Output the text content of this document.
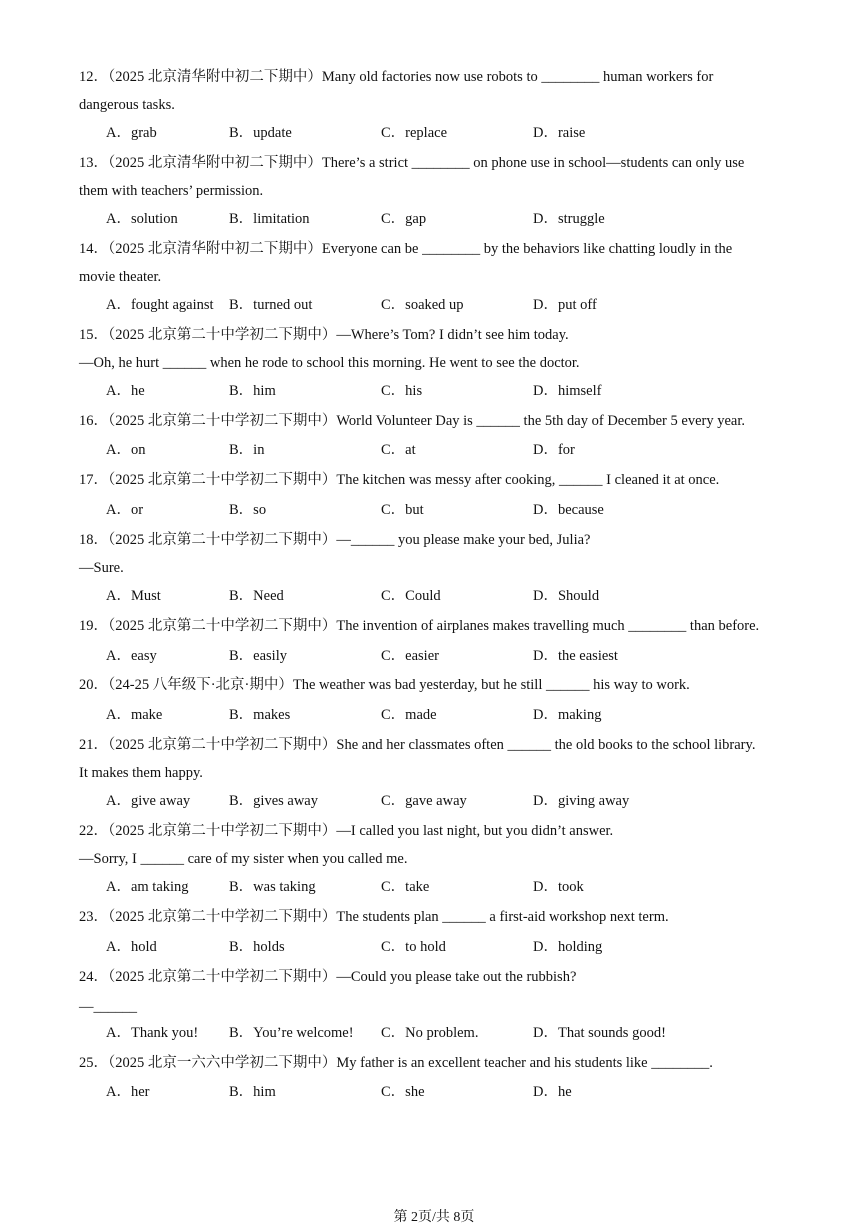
12．（2025 北京清华附中初二下期中）Many old factories now use robots to ________ human workers for
dangerous tasks.
A．grab	B．update	C．replace	D．raise
13．（2025 北京清华附中初二下期中）There’s a strict ________ on phone use in school—students can only use
them with teachers’ permission.
A．solution	B．limitation	C．gap	D．struggle
14．（2025 北京清华附中初二下期中）Everyone can be ________ by the behaviors like chatting loudly in the
movie theater.
A．fought against B．turned out	C．soaked up	D．put off
15．（2025 北京第二十中学初二下期中）—Where’s Tom? I didn’t see him today.
—Oh, he hurt ______ when he rode to school this morning. He went to see the doctor.
A．he	B．him	C．his	D．himself
16．（2025 北京第二十中学初二下期中）World Volunteer Day is ______ the 5th day of December 5 every year.
A．on	B．in	C．at	D．for
17．（2025 北京第二十中学初二下期中）The kitchen was messy after cooking, ______ I cleaned it at once.
A．or	B．so	C．but	D．because
18．（2025 北京第二十中学初二下期中）—______ you please make your bed, Julia?
—Sure.
A．Must	B．Need	C．Could	D．Should
19．（2025 北京第二十中学初二下期中）The invention of airplanes makes travelling much ________ than before.
A．easy	B．easily	C．easier	D．the easiest
20．（24-25 八年级下·北京·期中）The weather was bad yesterday, but he still ______ his way to work.
A．make	B．makes	C．made	D．making
21．（2025 北京第二十中学初二下期中）She and her classmates often ______ the old books to the school library.
It makes them happy.
A．give away	B．gives away	C．gave away	D．giving away
22．（2025 北京第二十中学初二下期中）—I called you last night, but you didn’t answer.
—Sorry, I ______ care of my sister when you called me.
A．am taking	B．was taking	C．take	D．took
23．（2025 北京第二十中学初二下期中）The students plan ______ a first-aid workshop next term.
A．hold	B．holds	C．to hold	D．holding
24．（2025 北京第二十中学初二下期中）—Could you please take out the rubbish?
—______
A．Thank you! B．You’re welcome! C．No problem.	D．That sounds good!
25．（2025 北京一六六中学初二下期中）My father is an excellent teacher and his students like ________.
A．her	B．him	C．she	D．he
第 2页/共 8页
